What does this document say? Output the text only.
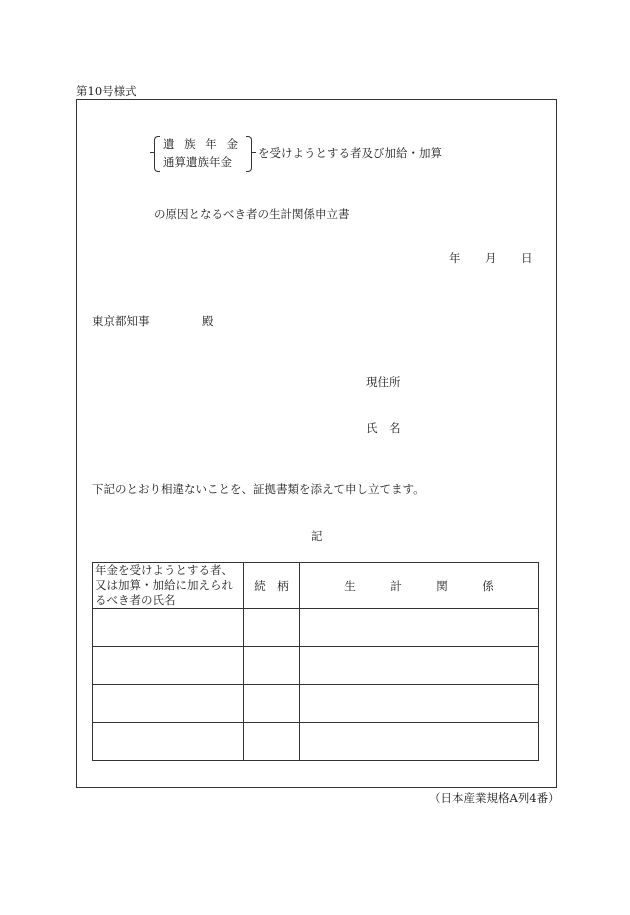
第10号様式
遺 族 年 金
通算遺族年金
を受けようとする者及び加給・加算
の原因となるべき者の生計関係申立書
年 月 日
東京都知事	殿
現住所
氏　名
下記のとおり相違ないことを、証拠書類を添えて申し立てます。
記
年金を受けようとする者、
又は加算・加給に加えられ
るべき者の氏名	続　柄	生　　　計　　　関　　　係

（日本産業規格A列4番）
